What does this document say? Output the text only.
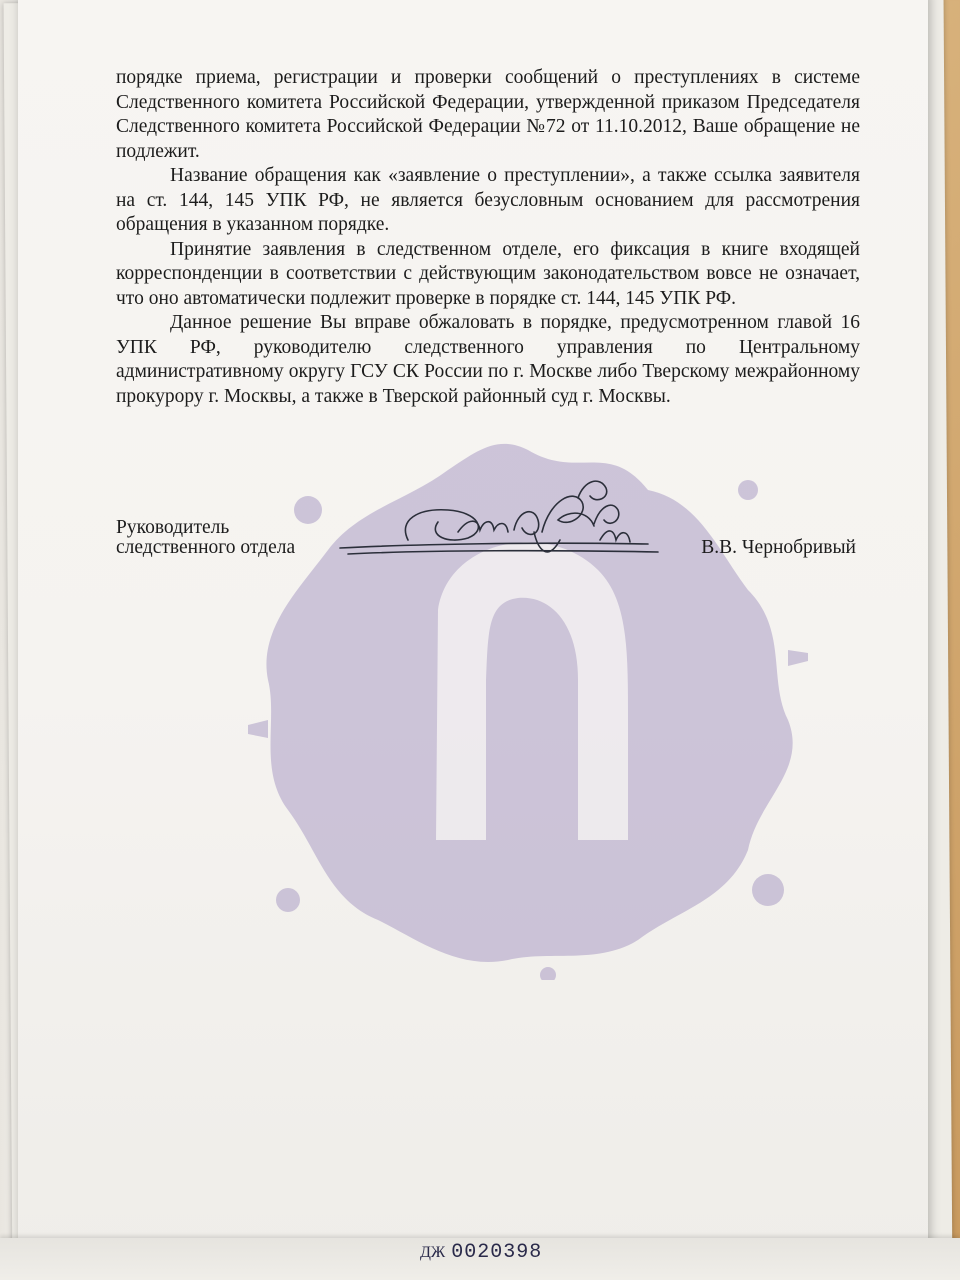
порядке приема, регистрации и проверки сообщений о преступлениях в системе Следственного комитета Российской Федерации, утвержденной приказом Председателя Следственного комитета Российской Федерации №72 от 11.10.2012, Ваше обращение не подлежит.

Название обращения как «заявление о преступлении», а также ссылка заявителя на ст. 144, 145 УПК РФ, не является безусловным основанием для рассмотрения обращения в указанном порядке.

Принятие заявления в следственном отделе, его фиксация в книге входящей корреспонденции в соответствии с действующим законодательством вовсе не означает, что оно автоматически подлежит проверке в порядке ст. 144, 145 УПК РФ.

Данное решение Вы вправе обжаловать в порядке, предусмотренном главой 16 УПК РФ, руководителю следственного управления по Центральному административному округу ГСУ СК России по г. Москве либо Тверскому межрайонному прокурору г. Москвы, а также в Тверской районный суд г. Москвы.

Руководитель
следственного отдела	В.В. Чернобривый
ДЖ 0020398
